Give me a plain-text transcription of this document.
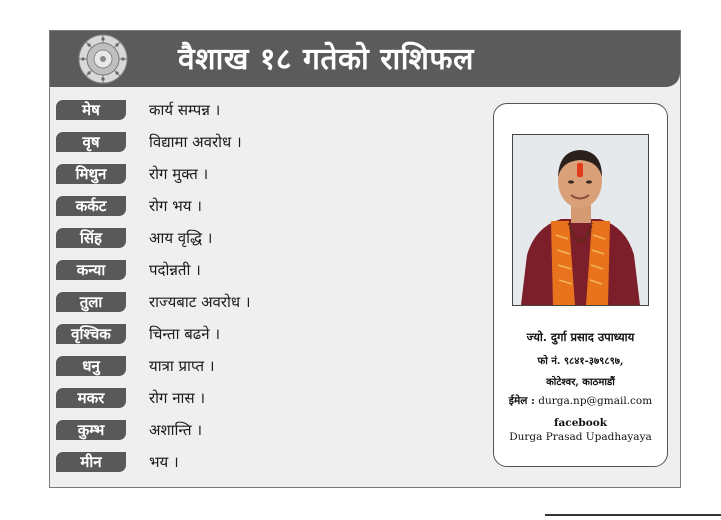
वैशाख १८ गतेको राशिफल
मेष	कार्य सम्पन्न ।
वृष	विद्यामा अवरोध ।
मिथुन	रोग मुक्त ।
कर्कट	रोग भय ।
सिंह	आय वृद्धि ।
कन्या	पदोन्नती ।
तुला	राज्यबाट अवरोध ।
वृश्चिक	चिन्ता बढने ।
धनु	यात्रा प्राप्त ।
मकर	रोग नास ।
कुम्भ	अशान्ति ।
मीन	भय ।
ज्यो. दुर्गा प्रसाद उपाध्याय
फो नं. ९८४१-३७९८९७,
कोटेश्वर, काठमाडौं
ईमेल : durga.np@gmail.com
facebook
Durga Prasad Upadhayaya
